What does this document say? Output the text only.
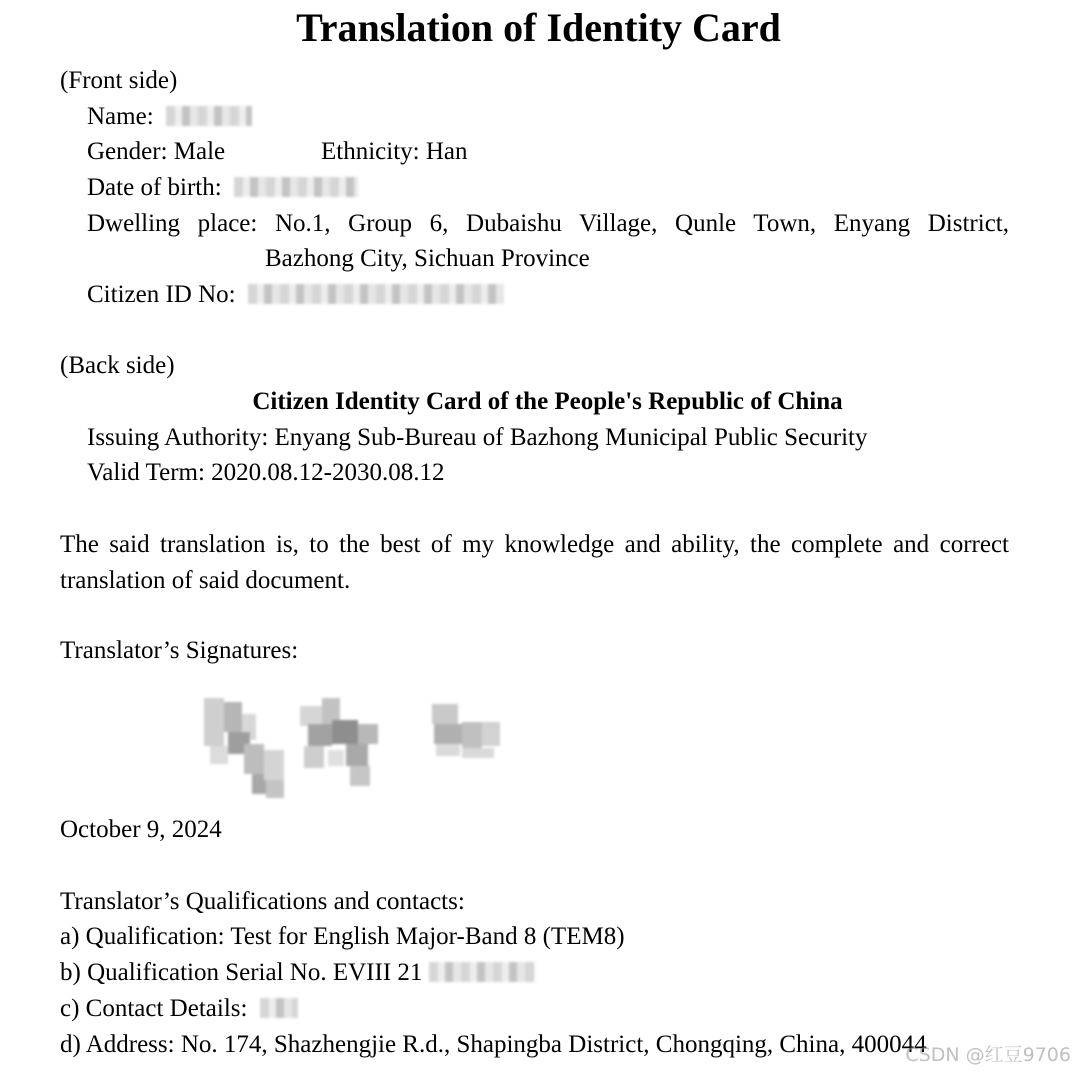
Translation of Identity Card
(Front side)
Name:
Gender: Male	Ethnicity: Han
Date of birth:
Dwelling place: No.1, Group 6, Dubaishu Village, Qunle Town, Enyang District,
Bazhong City, Sichuan Province
Citizen ID No:
(Back side)
Citizen Identity Card of the People's Republic of China
Issuing Authority: Enyang Sub-Bureau of Bazhong Municipal Public Security
Valid Term: 2020.08.12-2030.08.12
The said translation is, to the best of my knowledge and ability, the complete and correct
translation of said document.
Translator’s Signatures:
October 9, 2024
Translator’s Qualifications and contacts:
a) Qualification: Test for English Major-Band 8 (TEM8)
b) Qualification Serial No. EVIII 21
c) Contact Details:
d) Address: No. 174, Shazhengjie R.d., Shapingba District, Chongqing, China, 400044
CSDN @红豆9706
